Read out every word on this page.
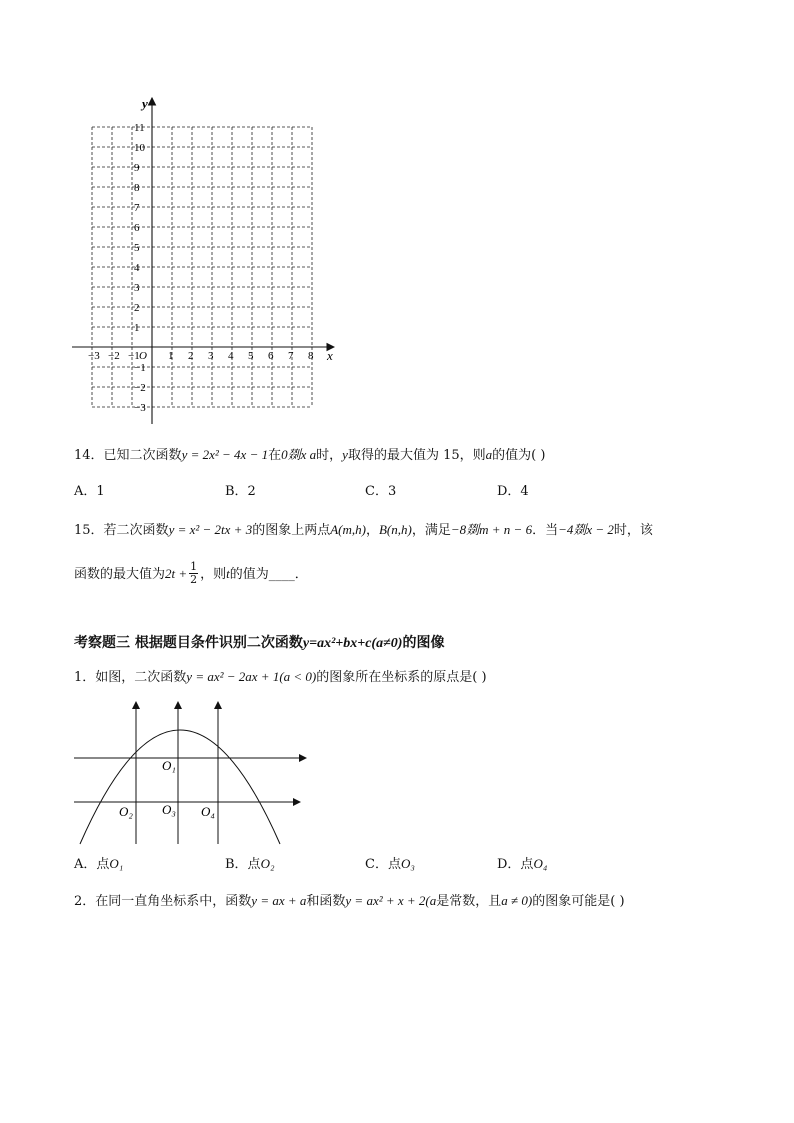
y
x
O
−3 −2 −1	1 2 3 4 5 6 7 8
11
10
9
8
7
6
5
4
3
2
1
−1
−2
−3
14．已知二次函数y = 2x² − 4x − 1在0剟x a时，y取得的最大值为 15，则a的值为( )
A．1	B．2	C．3	D．4
15．若二次函数y = x² − 2tx + 3的图象上两点A(m,h)，B(n,h)，满足−8剟m + n − 6．当−4剟x − 2时，该
函数的最大值为$2t + \frac{1}{2}$ ，则t的值为____．
考察题三 根据题目条件识别二次函数y=ax²+bx+c(a≠0)的图像
1．如图，二次函数y = ax² − 2ax + 1(a < 0)的图象所在坐标系的原点是( )
O₁
O₂ O₃ O₄
A．点O₁	B．点O₂	C．点O₃	D．点O₄
2．在同一直角坐标系中，函数y = ax + a和函数y = ax² + x + 2(a是常数，且a ≠ 0)的图象可能是( )
